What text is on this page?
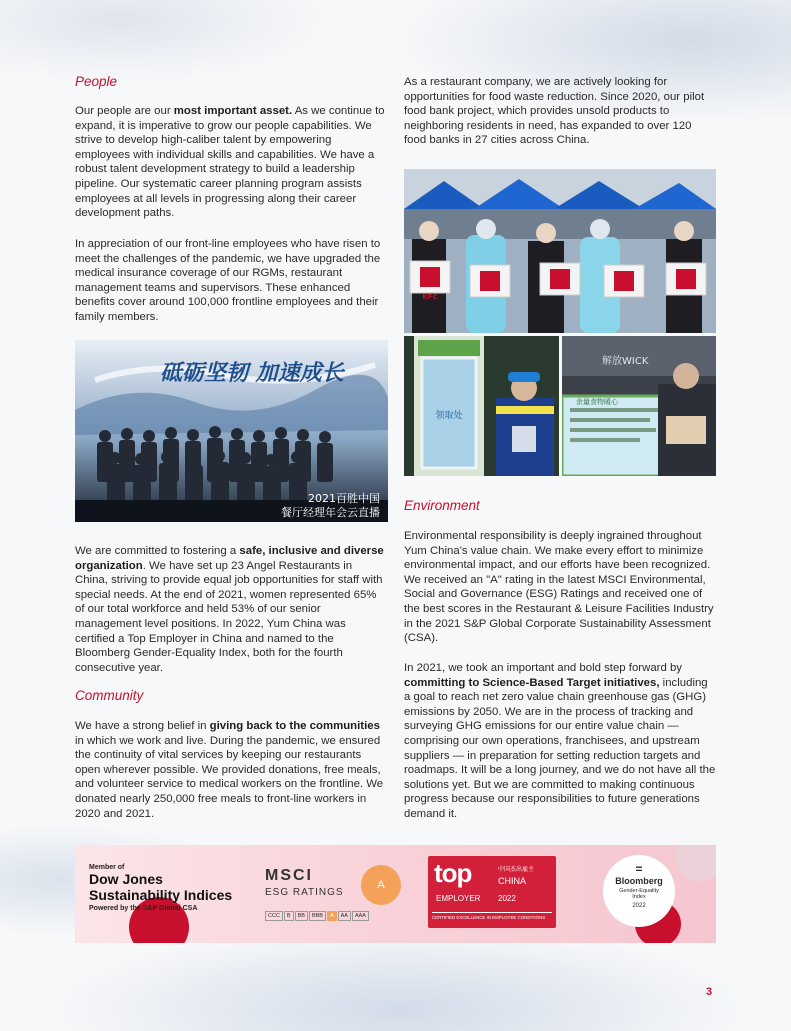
People

Our people are our most important asset. As we continue to expand, it is imperative to grow our people capabilities. We strive to develop high-caliber talent by empowering employees with individual skills and capabilities. We have a robust talent development strategy to build a leadership pipeline. Our systematic career planning program assists employees at all levels in progressing along their career development paths.

In appreciation of our front-line employees who have risen to meet the challenges of the pandemic, we have upgraded the medical insurance coverage of our RGMs, restaurant management teams and supervisors. These enhanced benefits cover around 100,000 frontline employees and their family members.

砥砺坚韧 加速成长
2021百胜中国
餐厅经理年会云直播

We are committed to fostering a safe, inclusive and diverse organization. We have set up 23 Angel Restaurants in China, striving to provide equal job opportunities for staff with special needs. At the end of 2021, women represented 65% of our total workforce and held 53% of our senior management level positions. In 2022, Yum China was certified a Top Employer in China and named to the Bloomberg Gender-Equality Index, both for the fourth consecutive year.

Community

We have a strong belief in giving back to the communities in which we work and live. During the pandemic, we ensured the continuity of vital services by keeping our restaurants open wherever possible. We provided donations, free meals, and volunteer service to medical workers on the frontline. We donated nearly 250,000 free meals to front-line workers in 2020 and 2021.

As a restaurant company, we are actively looking for opportunities for food waste reduction. Since 2020, our pilot food bank project, which provides unsold products to neighboring residents in need, has expanded to over 120 food banks in 27 cities across China.

KFC
领取处
解放WICK
余量食物暖心
Environment

Environmental responsibility is deeply ingrained throughout Yum China's value chain. We make every effort to minimize environmental impact, and our efforts have been recognized. We received an "A" rating in the latest MSCI Environmental, Social and Governance (ESG) Ratings and received one of the best scores in the Restaurant & Leisure Facilities Industry in the 2021 S&P Global Corporate Sustainability Assessment (CSA).

In 2021, we took an important and bold step forward by committing to Science-Based Target initiatives, including a goal to reach net zero value chain greenhouse gas (GHG) emissions by 2050. We are in the process of tracking and surveying GHG emissions for our entire value chain — comprising our own operations, franchisees, and upstream suppliers — in preparation for setting reduction targets and roadmaps. It will be a long journey, and we do not have all the solutions yet. But we are committed to making continuous progress because our responsibilities to future generations demand it.

Member of
Dow Jones
Sustainability Indices
Powered by the S&P Global CSA
MSCI
ESG RATINGS
A
CCC	B	BB	BBB	A	AA	AAA
top	中国杰出雇主
CHINA
EMPLOYER 2022
CERTIFIED EXCELLENCE IN EMPLOYEE CONDITIONS
=
Bloomberg
Gender-Equality
Index
2022
3
